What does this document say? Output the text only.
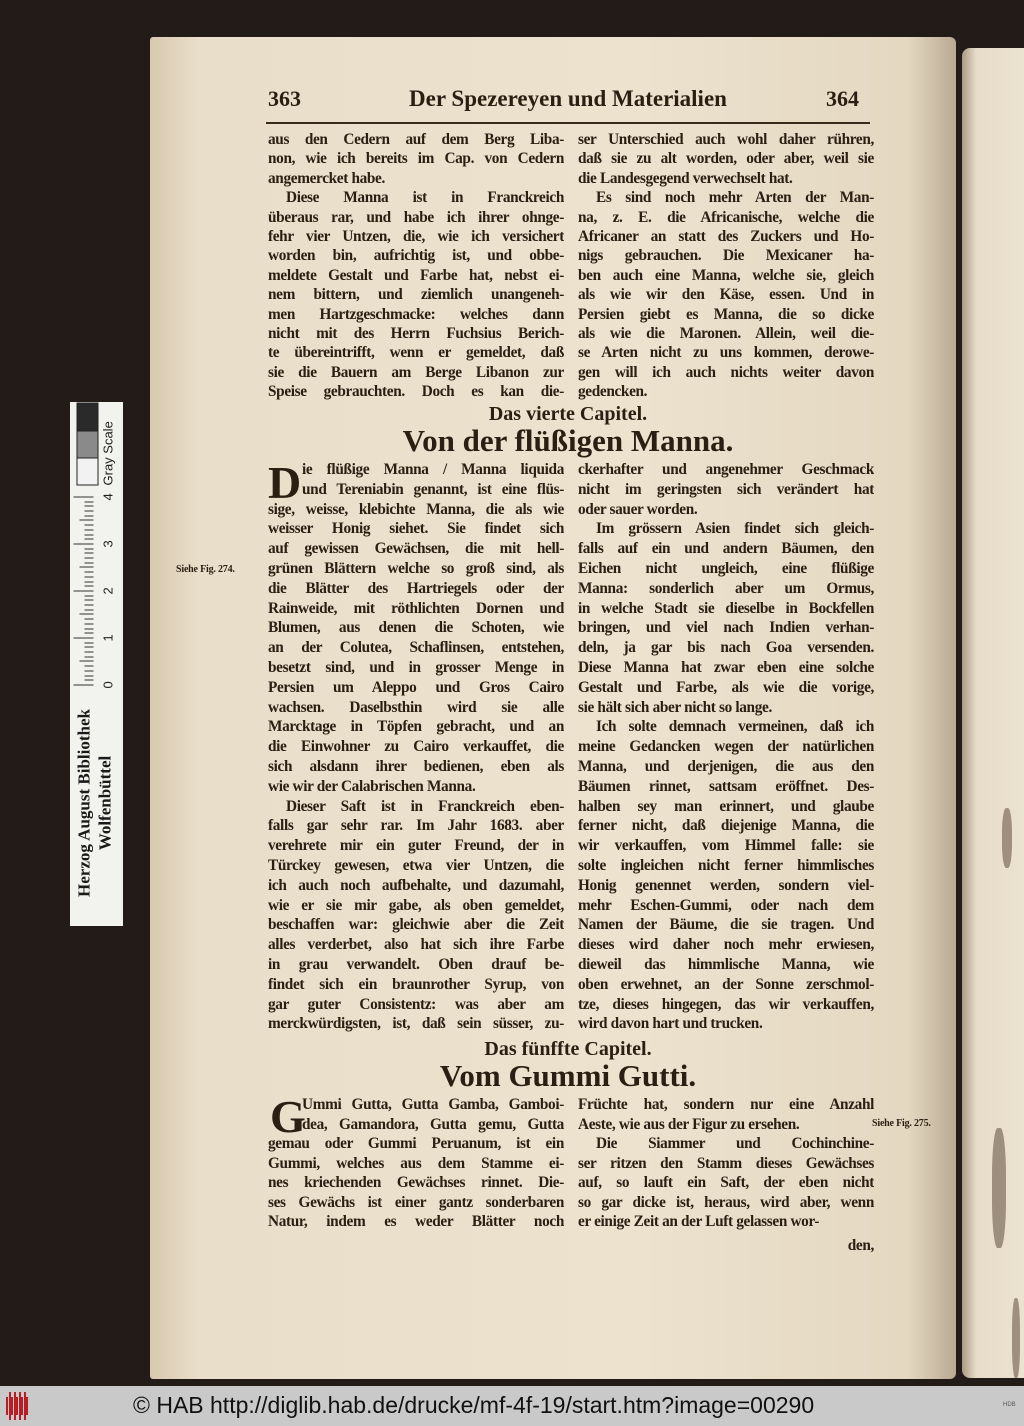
363	Der Spezereyen und Materialien	364
aus den Cedern auf dem Berg Liba-
non, wie ich bereits im Cap. von Cedern
angemercket habe.
Diese Manna ist in Franckreich
überaus rar, und habe ich ihrer ohnge-
fehr vier Untzen, die, wie ich versichert
worden bin, aufrichtig ist, und obbe-
meldete Gestalt und Farbe hat, nebst ei-
nem bittern, und ziemlich unangeneh-
men Hartzgeschmacke: welches dann
nicht mit des Herrn Fuchsius Berich-
te übereintrifft, wenn er gemeldet, daß
sie die Bauern am Berge Libanon zur
Speise gebrauchten. Doch es kan die-
ser Unterschied auch wohl daher rühren,
daß sie zu alt worden, oder aber, weil sie
die Landesgegend verwechselt hat.
Es sind noch mehr Arten der Man-
na, z. E. die Africanische, welche die
Africaner an statt des Zuckers und Ho-
nigs gebrauchen. Die Mexicaner ha-
ben auch eine Manna, welche sie, gleich
als wie wir den Käse, essen. Und in
Persien giebt es Manna, die so dicke
als wie die Maronen. Allein, weil die-
se Arten nicht zu uns kommen, derowe-
gen will ich auch nichts weiter davon
gedencken.
Das vierte Capitel.
Von der flüßigen Manna.
D ie flüßige Manna / Manna liquida
und Tereniabin genannt, ist eine flüs-
sige, weisse, klebichte Manna, die als wie
weisser Honig siehet. Sie findet sich
auf gewissen Gewächsen, die mit hell-
grünen Blättern welche so groß sind, als
die Blätter des Hartriegels oder der
Rainweide, mit röthlichten Dornen und
Blumen, aus denen die Schoten, wie
an der Colutea, Schaflinsen, entstehen,
besetzt sind, und in grosser Menge in
Persien um Aleppo und Gros Cairo
wachsen. Daselbsthin wird sie alle
Marcktage in Töpfen gebracht, und an
die Einwohner zu Cairo verkauffet, die
sich alsdann ihrer bedienen, eben als
wie wir der Calabrischen Manna.
Dieser Saft ist in Franckreich eben-
falls gar sehr rar. Im Jahr 1683. aber
verehrete mir ein guter Freund, der in
Türckey gewesen, etwa vier Untzen, die
ich auch noch aufbehalte, und dazumahl,
wie er sie mir gabe, als oben gemeldet,
beschaffen war: gleichwie aber die Zeit
alles verderbet, also hat sich ihre Farbe
in grau verwandelt. Oben drauf be-
findet sich ein braunrother Syrup, von
gar guter Consistentz: was aber am
merckwürdigsten, ist, daß sein süsser, zu-
ckerhafter und angenehmer Geschmack
nicht im geringsten sich verändert hat
oder sauer worden.
Im grössern Asien findet sich gleich-
falls auf ein und andern Bäumen, den
Eichen nicht ungleich, eine flüßige
Manna: sonderlich aber um Ormus,
in welche Stadt sie dieselbe in Bockfellen
bringen, und viel nach Indien verhan-
deln, ja gar bis nach Goa versenden.
Diese Manna hat zwar eben eine solche
Gestalt und Farbe, als wie die vorige,
sie hält sich aber nicht so lange.
Ich solte demnach vermeinen, daß ich
meine Gedancken wegen der natürlichen
Manna, und derjenigen, die aus den
Bäumen rinnet, sattsam eröffnet. Des-
halben sey man erinnert, und glaube
ferner nicht, daß diejenige Manna, die
wir verkauffen, vom Himmel falle: sie
solte ingleichen nicht ferner himmlisches
Honig genennet werden, sondern viel-
mehr Eschen-Gummi, oder nach dem
Namen der Bäume, die sie tragen. Und
dieses wird daher noch mehr erwiesen,
dieweil das himmlische Manna, wie
oben erwehnet, an der Sonne zerschmol-
tze, dieses hingegen, das wir verkauffen,
wird davon hart und trucken.
Siehe Fig. 274.
Das fünffte Capitel.
Vom Gummi Gutti.
G
Ummi Gutta, Gutta Gamba, Gamboi-
dea, Gamandora, Gutta gemu, Gutta
gemau oder Gummi Peruanum, ist ein
Gummi, welches aus dem Stamme ei-
nes kriechenden Gewächses rinnet. Die-
ses Gewächs ist einer gantz sonderbaren
Natur, indem es weder Blätter noch
Früchte hat, sondern nur eine Anzahl
Aeste, wie aus der Figur zu ersehen.
Die Siammer und Cochinchine-
ser ritzen den Stamm dieses Gewächses
auf, so lauft ein Saft, der eben nicht
so gar dicke ist, heraus, wird aber, wenn
er einige Zeit an der Luft gelassen wor-
Siehe Fig. 275.
den,
Herzog August Bibliothek Wolfenbüttel
0
1
2
3
4
Gray Scale
© HAB http://diglib.hab.de/drucke/mf-4f-19/start.htm?image=00290	HDB
